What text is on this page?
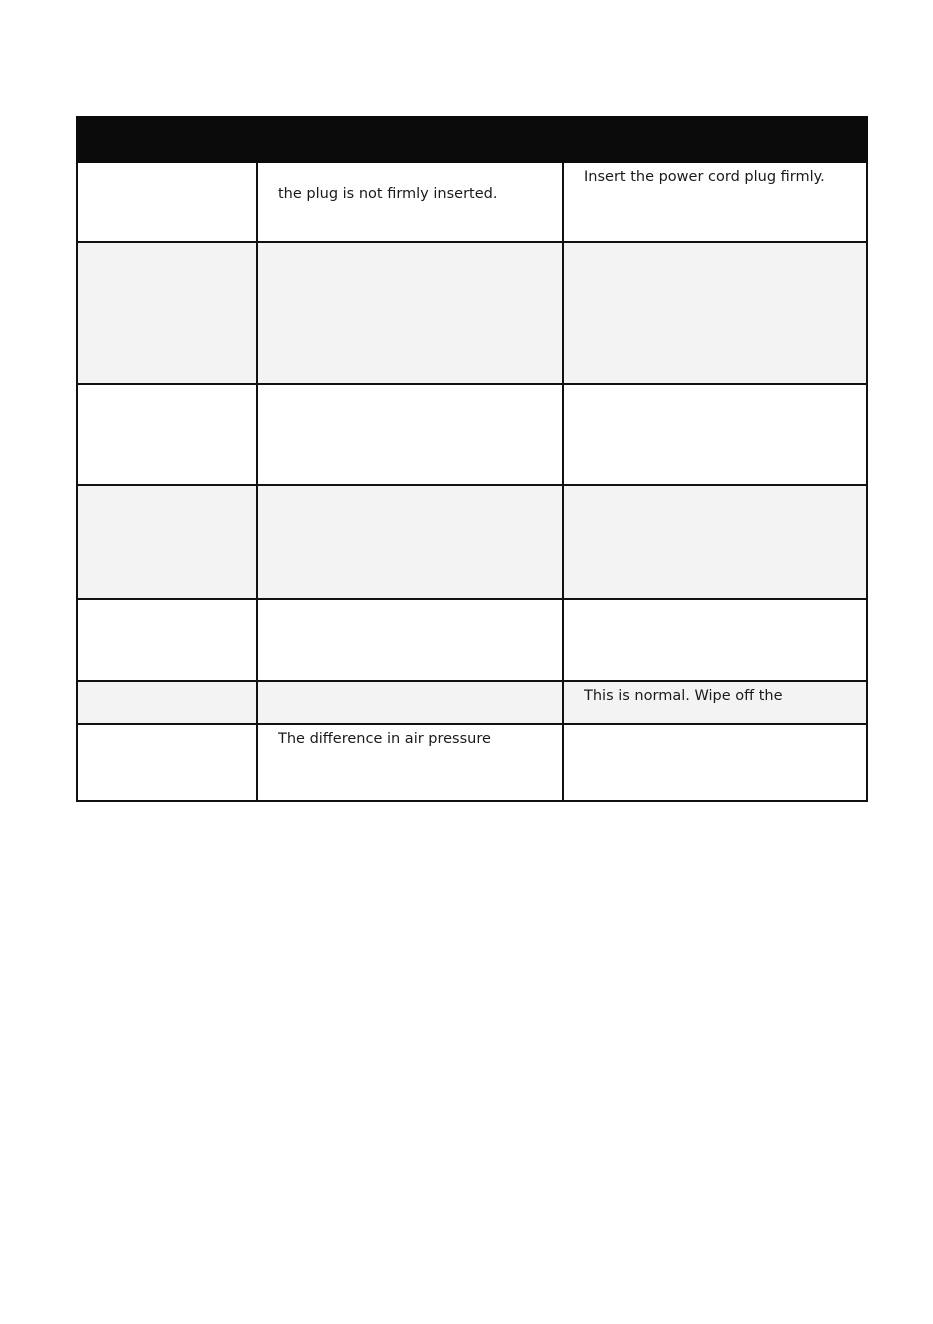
the plug is not firmly inserted.
Insert the power cord plug firmly.
This is normal. Wipe off the
The difference in air pressure
